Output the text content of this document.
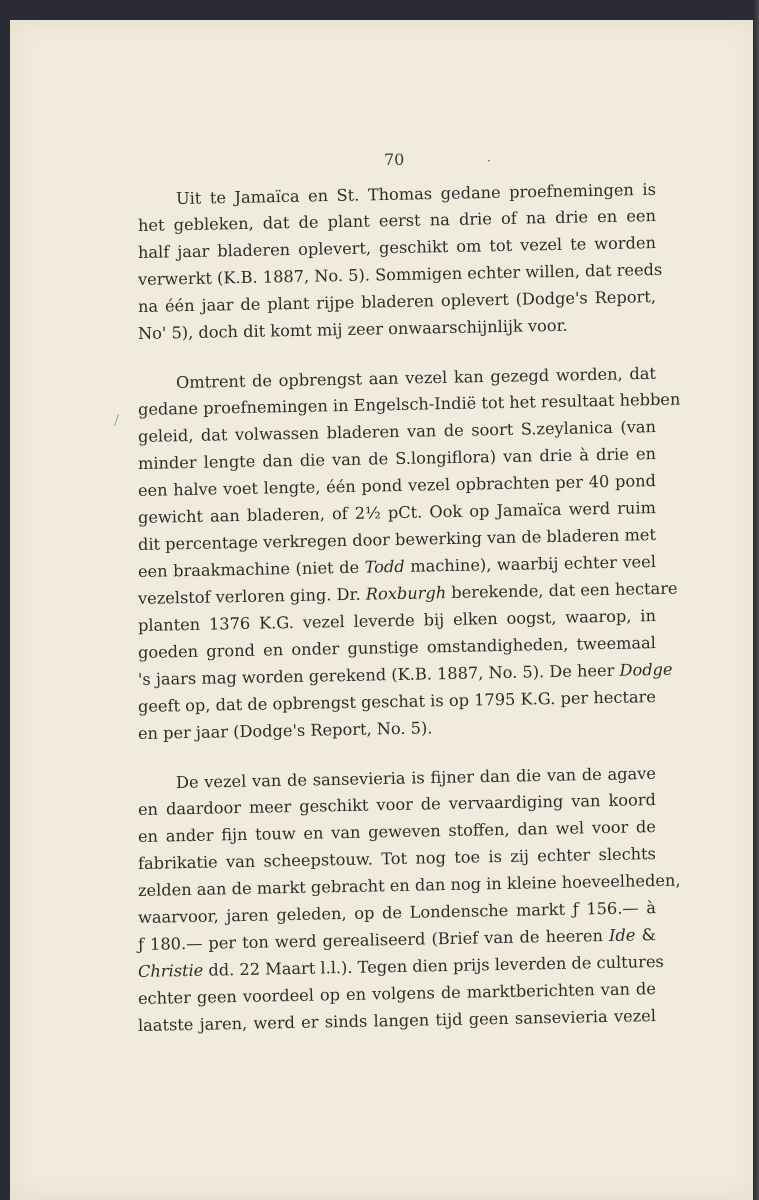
70	·
Uit te Jamaïca en St. Thomas gedane proefnemingen is
het gebleken, dat de plant eerst na drie of na drie en een
half jaar bladeren oplevert, geschikt om tot vezel te worden
verwerkt (K.B. 1887, No. 5). Sommigen echter willen, dat reeds
na één jaar de plant rijpe bladeren oplevert (Dodge's Report,
No' 5), doch dit komt mij zeer onwaarschijnlijk voor.
Omtrent de opbrengst aan vezel kan gezegd worden, dat
gedane proefnemingen in Engelsch-Indië tot het resultaat hebben
geleid, dat volwassen bladeren van de soort S.zeylanica (van
minder lengte dan die van de S.longiflora) van drie à drie en
een halve voet lengte, één pond vezel opbrachten per 40 pond
gewicht aan bladeren, of 2½ pCt. Ook op Jamaïca werd ruim
dit percentage verkregen door bewerking van de bladeren met
een braakmachine (niet de Todd machine), waarbij echter veel
vezelstof verloren ging. Dr. Roxburgh berekende, dat een hectare
planten 1376 K.G. vezel leverde bij elken oogst, waarop, in
goeden grond en onder gunstige omstandigheden, tweemaal
's jaars mag worden gerekend (K.B. 1887, No. 5). De heer Dodge
geeft op, dat de opbrengst geschat is op 1795 K.G. per hectare
en per jaar (Dodge's Report, No. 5).
De vezel van de sansevieria is fijner dan die van de agave
en daardoor meer geschikt voor de vervaardiging van koord
en ander fijn touw en van geweven stoffen, dan wel voor de
fabrikatie van scheepstouw. Tot nog toe is zij echter slechts
zelden aan de markt gebracht en dan nog in kleine hoeveelheden,
waarvoor, jaren geleden, op de Londensche markt ƒ 156.— à
ƒ 180.— per ton werd gerealiseerd (Brief van de heeren Ide &
Christie dd. 22 Maart l.l.). Tegen dien prijs leverden de cultures
echter geen voordeel op en volgens de marktberichten van de
laatste jaren, werd er sinds langen tijd geen sansevieria vezel
